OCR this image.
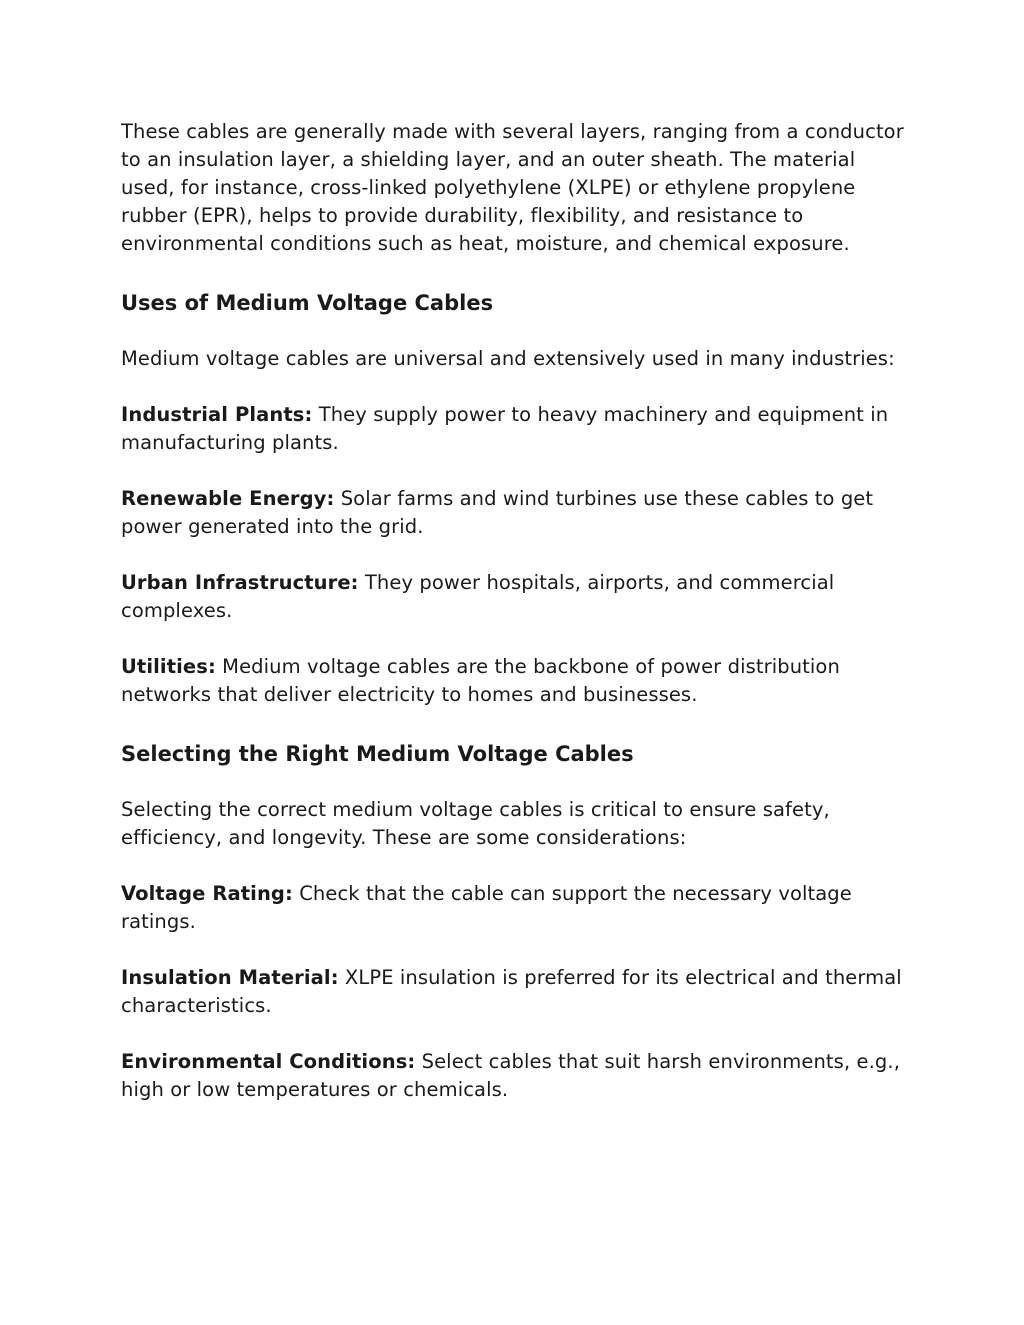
These cables are generally made with several layers, ranging from a conductor to an insulation layer, a shielding layer, and an outer sheath. The material used, for instance, cross-linked polyethylene (XLPE) or ethylene propylene rubber (EPR), helps to provide durability, flexibility, and resistance to environmental conditions such as heat, moisture, and chemical exposure.

Uses of Medium Voltage Cables

Medium voltage cables are universal and extensively used in many industries:

Industrial Plants: They supply power to heavy machinery and equipment in manufacturing plants.

Renewable Energy: Solar farms and wind turbines use these cables to get power generated into the grid.

Urban Infrastructure: They power hospitals, airports, and commercial complexes.

Utilities: Medium voltage cables are the backbone of power distribution networks that deliver electricity to homes and businesses.

Selecting the Right Medium Voltage Cables

Selecting the correct medium voltage cables is critical to ensure safety, efficiency, and longevity. These are some considerations:

Voltage Rating: Check that the cable can support the necessary voltage ratings.

Insulation Material: XLPE insulation is preferred for its electrical and thermal characteristics.

Environmental Conditions: Select cables that suit harsh environments, e.g., high or low temperatures or chemicals.
